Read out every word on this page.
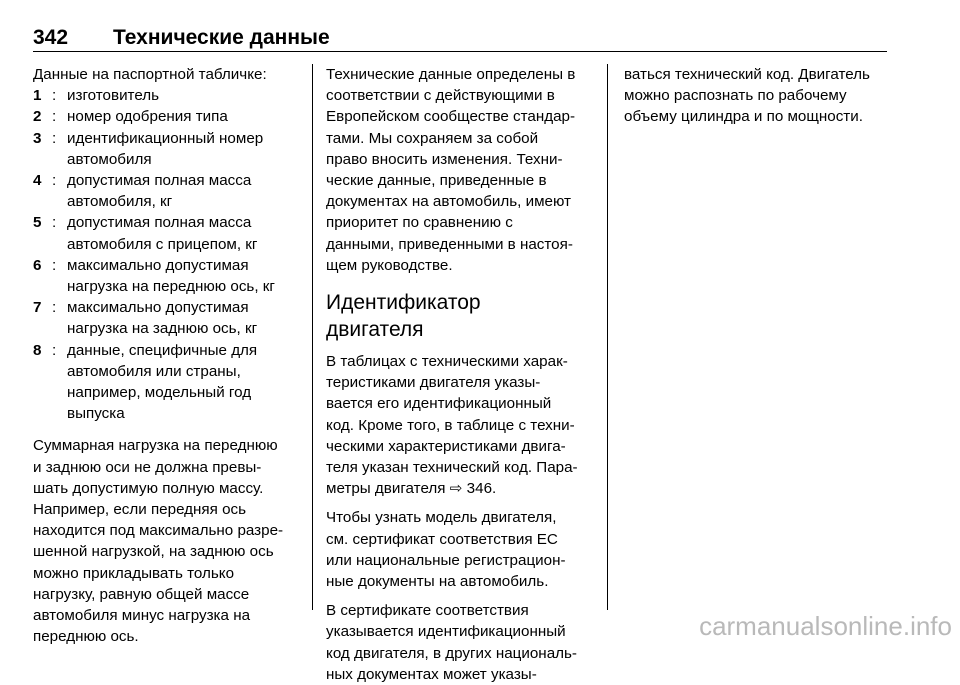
342 Технические данные
Данные на паспортной табличке:
1 : изготовитель
2 : номер одобрения типа
3 : идентификационный номер
автомобиля
4 : допустимая полная масса
автомобиля, кг
5 : допустимая полная масса
автомобиля с прицепом, кг
6 : максимально допустимая
нагрузка на переднюю ось, кг
7 : максимально допустимая
нагрузка на заднюю ось, кг
8 : данные, специфичные для
автомобиля или страны,
например, модельный год
выпуска
Суммарная нагрузка на переднюю
и заднюю оси не должна превы-
шать допустимую полную массу.
Например, если передняя ось
находится под максимально разре-
шенной нагрузкой, на заднюю ось
можно прикладывать только
нагрузку, равную общей массе
автомобиля минус нагрузка на
переднюю ось.
Технические данные определены в
соответствии с действующими в
Европейском сообществе стандар-
тами. Мы сохраняем за собой
право вносить изменения. Техни-
ческие данные, приведенные в
документах на автомобиль, имеют
приоритет по сравнению с
данными, приведенными в настоя-
щем руководстве.
Идентификатор
двигателя
В таблицах с техническими харак-
теристиками двигателя указы-
вается его идентификационный
код. Кроме того, в таблице с техни-
ческими характеристиками двига-
теля указан технический код. Пара-
метры двигателя ⇨ 346.
Чтобы узнать модель двигателя,
см. сертификат соответствия ЕС
или национальные регистрацион-
ные документы на автомобиль.
В сертификате соответствия
указывается идентификационный
код двигателя, в других националь-
ных документах может указы-
ваться технический код. Двигатель
можно распознать по рабочему
объему цилиндра и по мощности.
carmanualsonline.info
